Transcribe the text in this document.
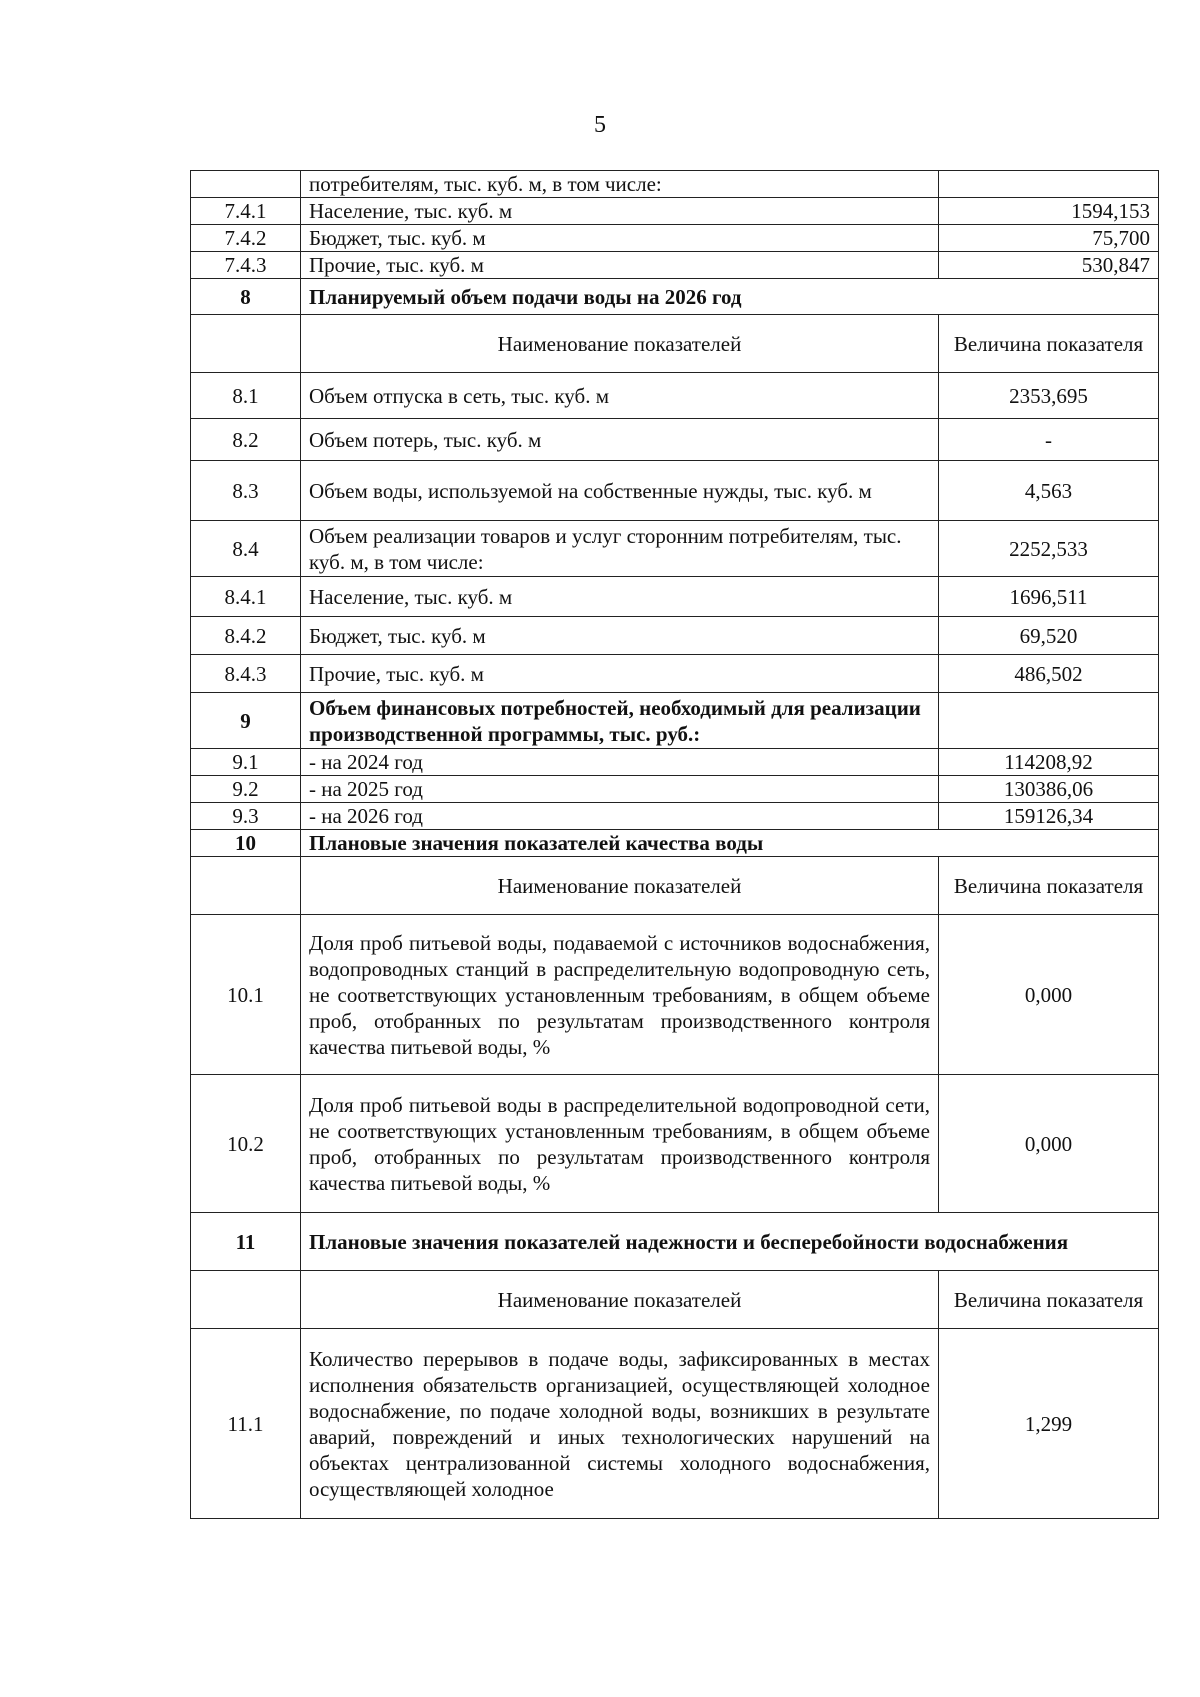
5
	потребителям, тыс. куб. м, в том числе:	
7.4.1	Население, тыс. куб. м	1594,153
7.4.2	Бюджет, тыс. куб. м	75,700
7.4.3	Прочие, тыс. куб. м	530,847
8	Планируемый объем подачи воды на 2026 год	
	Наименование показателей	Величина показателя
8.1	Объем отпуска в сеть, тыс. куб. м	2353,695
8.2	Объем потерь, тыс. куб. м	-
8.3	Объем воды, используемой на собственные нужды, тыс. куб. м	4,563
8.4	Объем реализации товаров и услуг сторонним потребителям, тыс. куб. м, в том числе:	2252,533
8.4.1	Население, тыс. куб. м	1696,511
8.4.2	Бюджет, тыс. куб. м	69,520
8.4.3	Прочие, тыс. куб. м	486,502
9	Объем финансовых потребностей, необходимый для реализации производственной программы, тыс. руб.:	
9.1	- на 2024 год	114208,92
9.2	- на 2025 год	130386,06
9.3	- на 2026 год	159126,34
10	Плановые значения показателей качества воды	
	Наименование показателей	Величина показателя
10.1	Доля проб питьевой воды, подаваемой с источников водоснабжения, водопроводных станций в распределительную водопроводную сеть, не соответствующих установленным требованиям, в общем объеме проб, отобранных по результатам производственного контроля качества питьевой воды, %	0,000
10.2	Доля проб питьевой воды в распределительной водопроводной сети, не соответствующих установленным требованиям, в общем объеме проб, отобранных по результатам производственного контроля качества питьевой воды, %	0,000
11	Плановые значения показателей надежности и бесперебойности водоснабжения	
	Наименование показателей	Величина показателя
11.1	Количество перерывов в подаче воды, зафиксированных в местах исполнения обязательств организацией, осуществляющей холодное водоснабжение, по подаче холодной воды, возникших в результате аварий, повреждений и иных технологических нарушений на объектах централизованной системы холодного водоснабжения, осуществляющей холодное	1,299
